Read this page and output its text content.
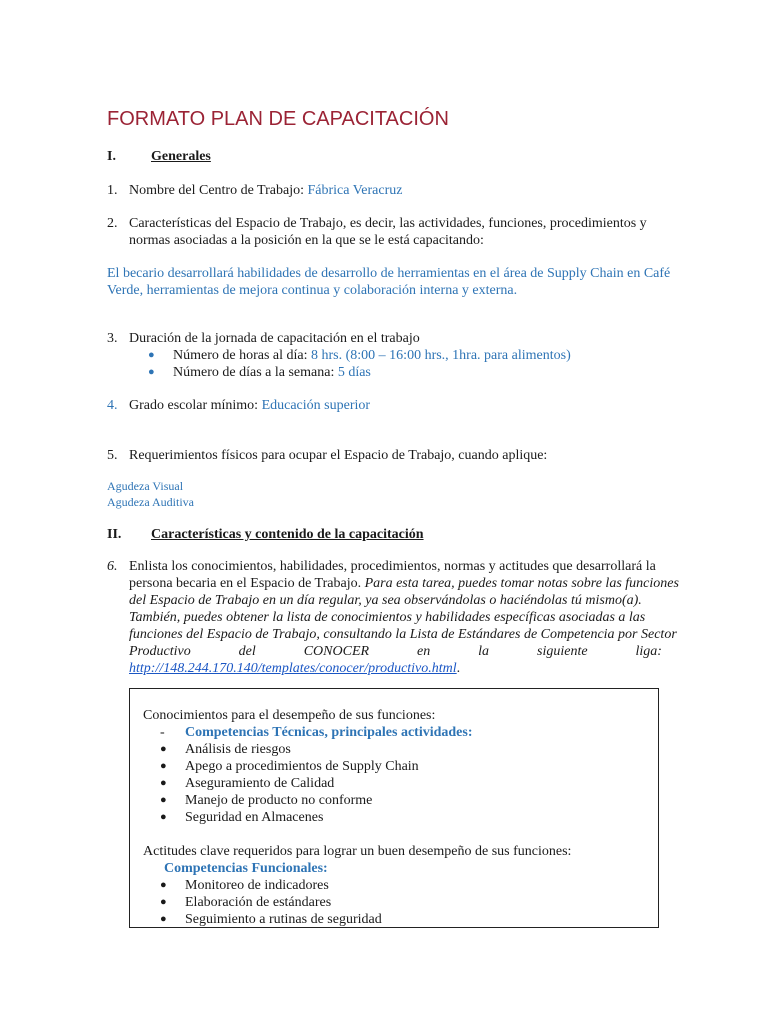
FORMATO PLAN DE CAPACITACIÓN
I.	Generales
1. Nombre del Centro de Trabajo: Fábrica Veracruz
2. Características del Espacio de Trabajo, es decir, las actividades, funciones, procedimientos y
normas asociadas a la posición en la que se le está capacitando:
El becario desarrollará habilidades de desarrollo de herramientas en el área de Supply Chain en Café
Verde, herramientas de mejora continua y colaboración interna y externa.
3. Duración de la jornada de capacitación en el trabajo
● Número de horas al día: 8 hrs. (8:00 – 16:00 hrs., 1hra. para alimentos)
● Número de días a la semana: 5 días
4. Grado escolar mínimo: Educación superior
5. Requerimientos físicos para ocupar el Espacio de Trabajo, cuando aplique:
Agudeza Visual
Agudeza Auditiva
II. Características y contenido de la capacitación
6. Enlista los conocimientos, habilidades, procedimientos, normas y actitudes que desarrollará la
persona becaria en el Espacio de Trabajo. Para esta tarea, puedes tomar notas sobre las funciones
del Espacio de Trabajo en un día regular, ya sea observándolas o haciéndolas tú mismo(a).
También, puedes obtener la lista de conocimientos y habilidades específicas asociadas a las
funciones del Espacio de Trabajo, consultando la Lista de Estándares de Competencia por Sector
Productivo	del	CONOCER	en	la	siguiente	liga:
http://148.244.170.140/templates/conocer/productivo.html.
Conocimientos para el desempeño de sus funciones:
- Competencias Técnicas, principales actividades:
● Análisis de riesgos
● Apego a procedimientos de Supply Chain
● Aseguramiento de Calidad
● Manejo de producto no conforme
● Seguridad en Almacenes
Actitudes clave requeridos para lograr un buen desempeño de sus funciones:
Competencias Funcionales:
● Monitoreo de indicadores
● Elaboración de estándares
● Seguimiento a rutinas de seguridad
